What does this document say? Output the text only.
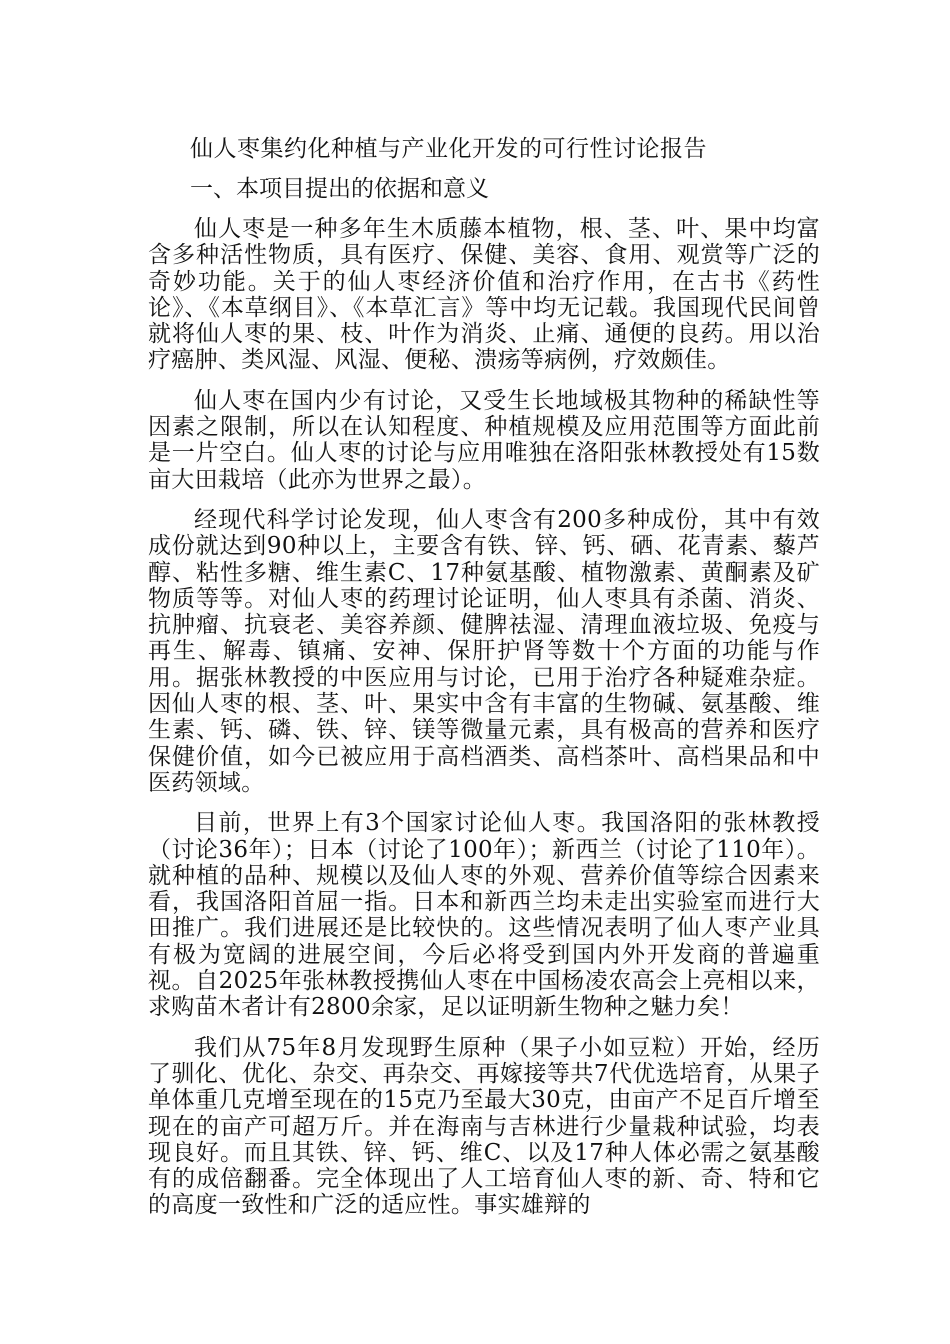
仙人枣集约化种植与产业化开发的可行性讨论报告
一、本项目提出的依据和意义

仙人枣是一种多年生木质藤本植物，根、茎、叶、果中均富含多种活性物质，具有医疗、保健、美容、食用、观赏等广泛的奇妙功能。关于的仙人枣经济价值和治疗作用，在古书《药性论》、《本草纲目》、《本草汇言》等中均无记载。我国现代民间曾就将仙人枣的果、枝、叶作为消炎、止痛、通便的良药。用以治疗癌肿、类风湿、风湿、便秘、溃疡等病例，疗效颇佳。

仙人枣在国内少有讨论，又受生长地域极其物种的稀缺性等因素之限制，所以在认知程度、种植规模及应用范围等方面此前是一片空白。仙人枣的讨论与应用唯独在洛阳张林教授处有15数亩大田栽培（此亦为世界之最）。

经现代科学讨论发现，仙人枣含有200多种成份，其中有效成份就达到90种以上，主要含有铁、锌、钙、硒、花青素、藜芦醇、粘性多糖、维生素C、17种氨基酸、植物激素、黄酮素及矿物质等等。对仙人枣的药理讨论证明，仙人枣具有杀菌、消炎、抗肿瘤、抗衰老、美容养颜、健脾祛湿、清理血液垃圾、免疫与再生、解毒、镇痛、安神、保肝护肾等数十个方面的功能与作用。据张林教授的中医应用与讨论，已用于治疗各种疑难杂症。因仙人枣的根、茎、叶、果实中含有丰富的生物碱、氨基酸、维生素、钙、磷、铁、锌、镁等微量元素，具有极高的营养和医疗保健价值，如今已被应用于高档酒类、高档茶叶、高档果品和中医药领域。

目前，世界上有3个国家讨论仙人枣。我国洛阳的张林教授（讨论36年）；日本（讨论了100年）；新西兰（讨论了110年）。就种植的品种、规模以及仙人枣的外观、营养价值等综合因素来看，我国洛阳首屈一指。日本和新西兰均未走出实验室而进行大田推广。我们进展还是比较快的。这些情况表明了仙人枣产业具有极为宽阔的进展空间，今后必将受到国内外开发商的普遍重视。自2025年张林教授携仙人枣在中国杨凌农高会上亮相以来，求购苗木者计有2800余家，足以证明新生物种之魅力矣！

我们从75年8月发现野生原种（果子小如豆粒）开始，经历了驯化、优化、杂交、再杂交、再嫁接等共7代优选培育，从果子单体重几克增至现在的15克乃至最大30克，由亩产不足百斤增至现在的亩产可超万斤。并在海南与吉林进行少量栽种试验，均表现良好。而且其铁、锌、钙、维C、以及17种人体必需之氨基酸有的成倍翻番。完全体现出了人工培育仙人枣的新、奇、特和它的高度一致性和广泛的适应性。事实雄辩的
